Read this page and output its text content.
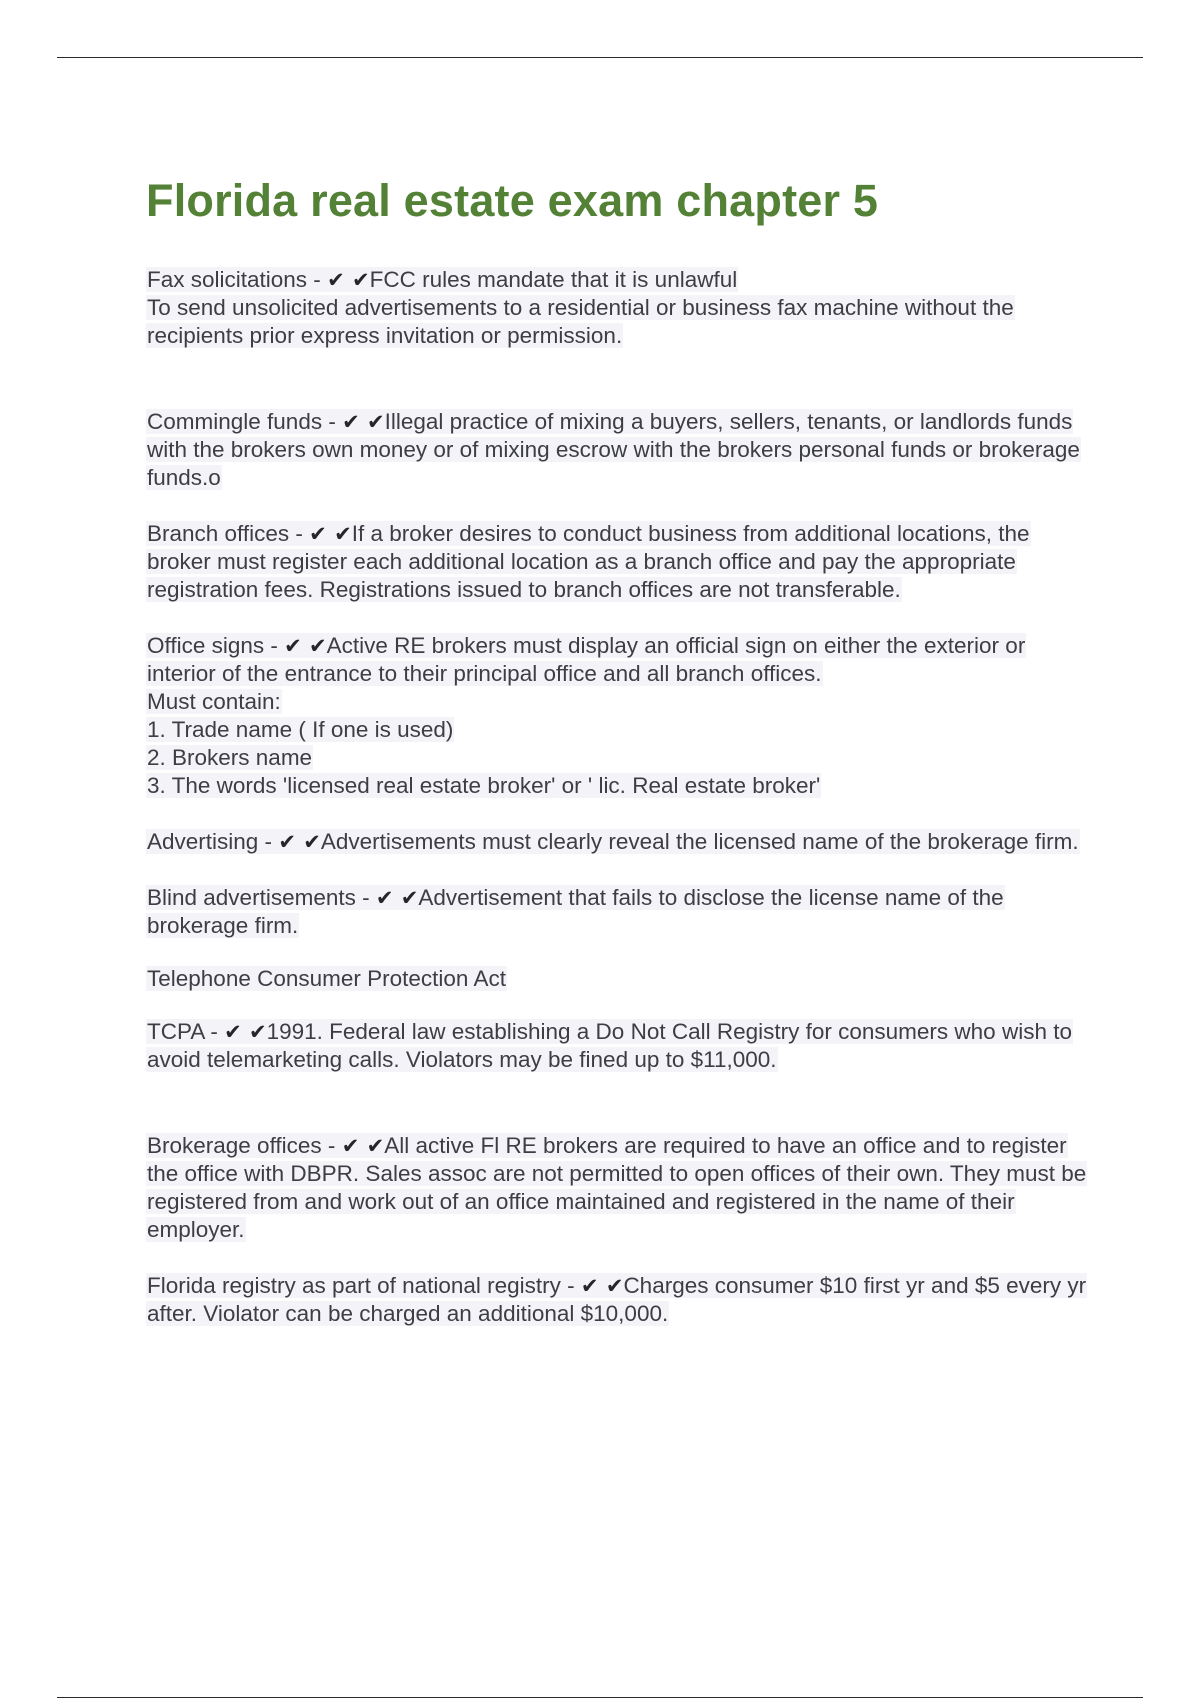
Florida real estate exam chapter 5

Fax solicitations - ✔ ✔FCC rules mandate that it is unlawful
To send unsolicited advertisements to a residential or business fax machine without the recipients prior express invitation or permission.

Commingle funds - ✔ ✔Illegal practice of mixing a buyers, sellers, tenants, or landlords funds with the brokers own money or of mixing escrow with the brokers personal funds or brokerage funds.o

Branch offices - ✔ ✔If a broker desires to conduct business from additional locations, the broker must register each additional location as a branch office and pay the appropriate registration fees. Registrations issued to branch offices are not transferable.

Office signs - ✔ ✔Active RE brokers must display an official sign on either the exterior or interior of the entrance to their principal office and all branch offices.
Must contain:
1. Trade name ( If one is used)
2. Brokers name
3. The words 'licensed real estate broker' or ' lic. Real estate broker'

Advertising - ✔ ✔Advertisements must clearly reveal the licensed name of the brokerage firm.

Blind advertisements - ✔ ✔Advertisement that fails to disclose the license name of the brokerage firm.

Telephone Consumer Protection Act

TCPA - ✔ ✔1991. Federal law establishing a Do Not Call Registry for consumers who wish to avoid telemarketing calls. Violators may be fined up to $11,000.

Brokerage offices - ✔ ✔All active Fl RE brokers are required to have an office and to register the office with DBPR. Sales assoc are not permitted to open offices of their own. They must be registered from and work out of an office maintained and registered in the name of their employer.

Florida registry as part of national registry - ✔ ✔Charges consumer $10 first yr and $5 every yr after. Violator can be charged an additional $10,000.
